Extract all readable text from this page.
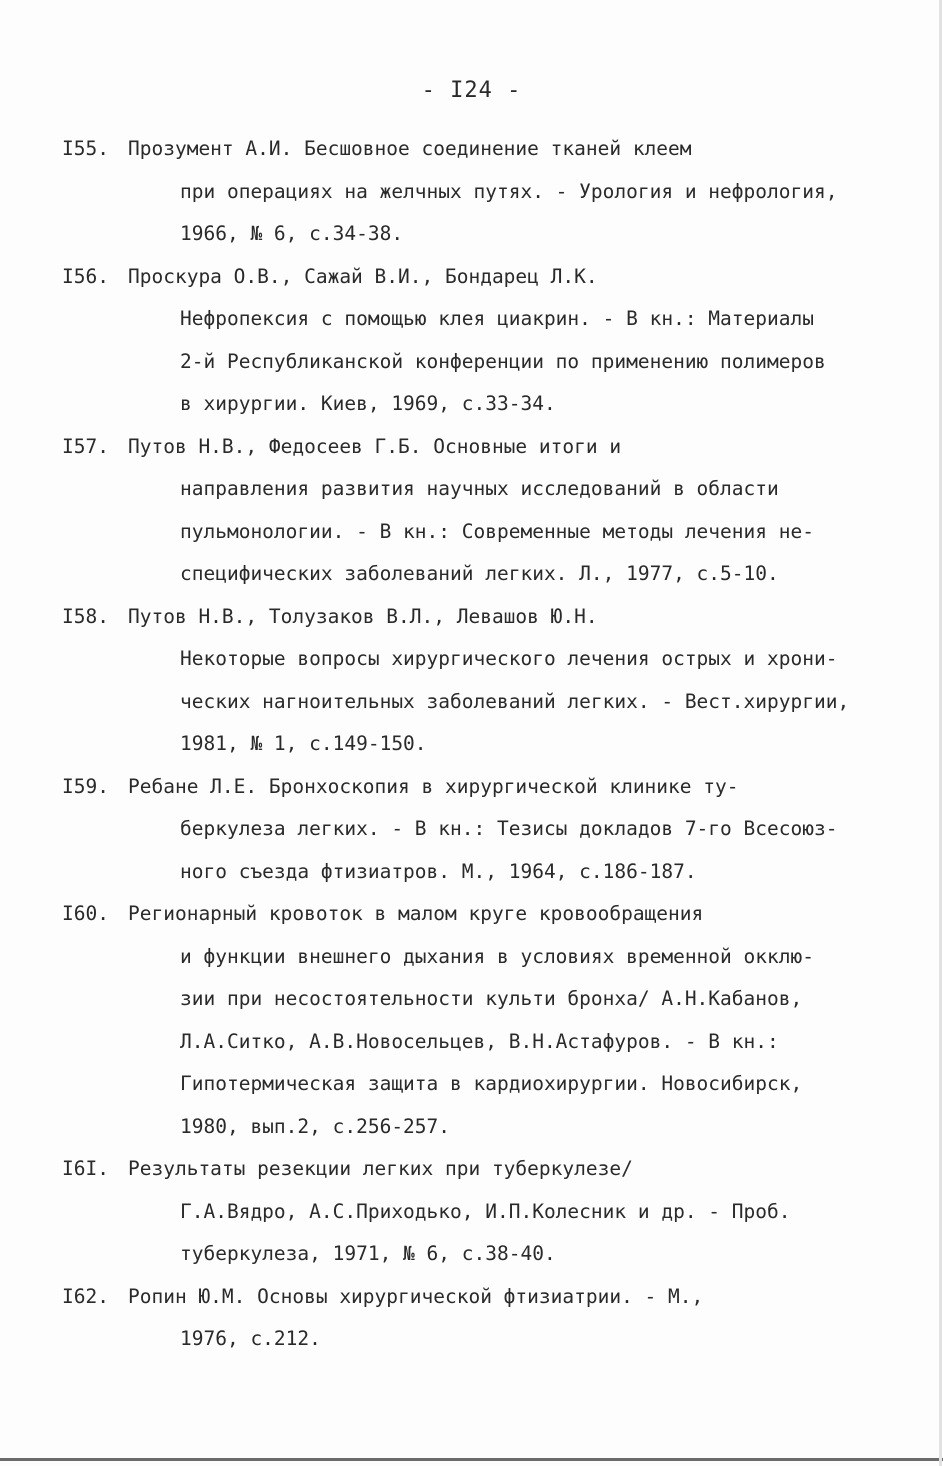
- I24 -
I55. Прозумент А.И. Бесшовное соединение тканей клеем
при операциях на желчных путях. - Урология и нефрология,
1966, № 6, с.34-38.
I56. Проскура О.В., Сажай В.И., Бондарец Л.К.
Нефропексия с помощью клея циакрин. - В кн.: Материалы
2-й Республиканской конференции по применению полимеров
в хирургии. Киев, 1969, с.33-34.
I57. Путов Н.В., Федосеев Г.Б. Основные итоги и
направления развития научных исследований в области
пульмонологии. - В кн.: Современные методы лечения не-
специфических заболеваний легких. Л., 1977, с.5-10.
I58. Путов Н.В., Толузаков В.Л., Левашов Ю.Н.
Некоторые вопросы хирургического лечения острых и хрони-
ческих нагноительных заболеваний легких. - Вест.хирургии,
1981, № 1, с.149-150.
I59. Ребане Л.Е. Бронхоскопия в хирургической клинике ту-
беркулеза легких. - В кн.: Тезисы докладов 7-го Всесоюз-
ного съезда фтизиатров. М., 1964, с.186-187.
I60. Регионарный кровоток в малом круге кровообращения
и функции внешнего дыхания в условиях временной окклю-
зии при несостоятельности культи бронха/ А.Н.Кабанов,
Л.А.Ситко, А.В.Новосельцев, В.Н.Астафуров. - В кн.:
Гипотермическая защита в кардиохирургии. Новосибирск,
1980, вып.2, с.256-257.
I6I. Результаты резекции легких при туберкулезе/
Г.А.Вядро, А.С.Приходько, И.П.Колесник и др. - Проб.
туберкулеза, 1971, № 6, с.38-40.
I62. Ропин Ю.М. Основы хирургической фтизиатрии. - М.,
1976, с.212.
